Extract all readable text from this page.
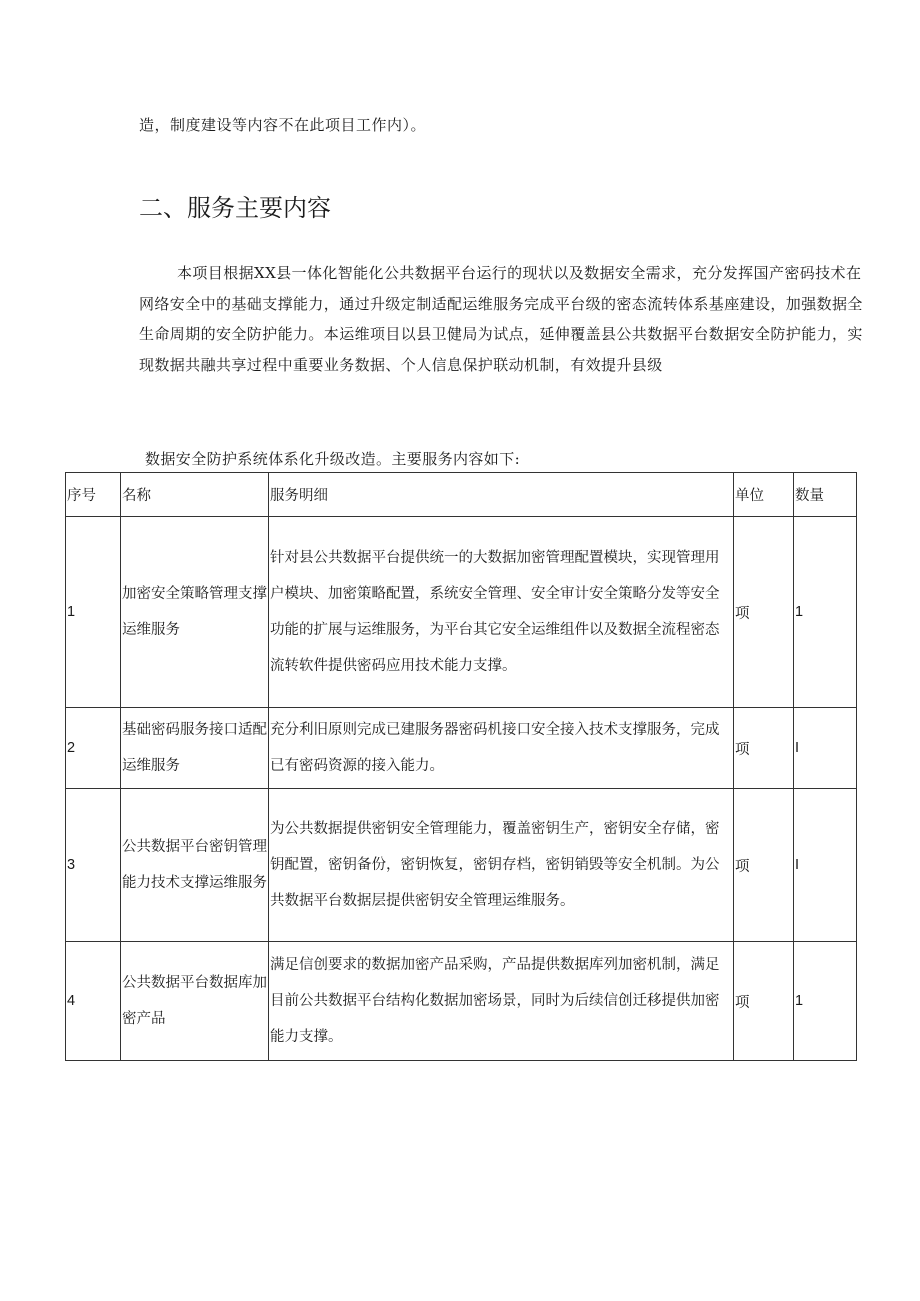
造，制度建设等内容不在此项目工作内）。
二、服务主要内容

本项目根据XX县一体化智能化公共数据平台运行的现状以及数据安全需求，充分发挥国产密码技术在网络安全中的基础支撑能力，通过升级定制适配运维服务完成平台级的密态流转体系基座建设，加强数据全生命周期的安全防护能力。本运维项目以县卫健局为试点，延伸覆盖县公共数据平台数据安全防护能力，实现数据共融共享过程中重要业务数据、个人信息保护联动机制，有效提升县级

数据安全防护系统体系化升级改造。主要服务内容如下:
序号	名称	服务明细	单位	数量
1	加密安全策略管理支撑运维服务	针对县公共数据平台提供统一的大数据加密管理配置模块，实现管理用户模块、加密策略配置，系统安全管理、安全审计安全策略分发等安全功能的扩展与运维服务，为平台其它安全运维组件以及数据全流程密态流转软件提供密码应用技术能力支撑。	项	1
2	基础密码服务接口适配运维服务	充分利旧原则完成已建服务器密码机接口安全接入技术支撑服务，完成已有密码资源的接入能力。	项	I
3	公共数据平台密钥管理能力技术支撑运维服务	为公共数据提供密钥安全管理能力，覆盖密钥生产，密钥安全存储，密钥配置，密钥备份，密钥恢复，密钥存档，密钥销毁等安全机制。为公共数据平台数据层提供密钥安全管理运维服务。	项	I
4	公共数据平台数据库加密产品	满足信创要求的数据加密产品采购，产品提供数据库列加密机制，满足目前公共数据平台结构化数据加密场景，同时为后续信创迁移提供加密能力支撑。	项	1
